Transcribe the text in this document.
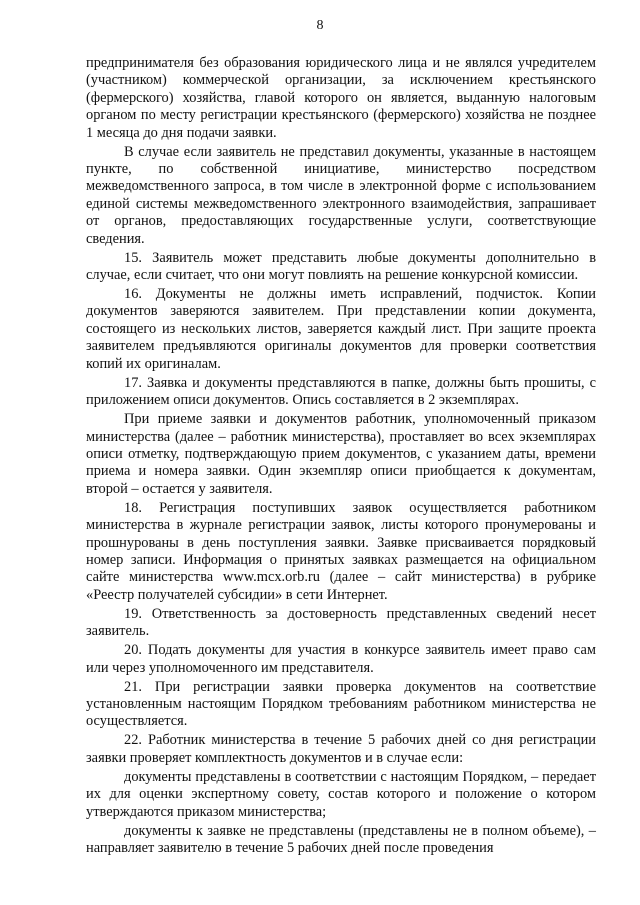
8

предпринимателя без образования юридического лица и не являлся учредителем (участником) коммерческой организации, за исключением крестьянского (фермерского) хозяйства, главой которого он является, выданную налоговым органом по месту регистрации крестьянского (фермерского) хозяйства не позднее 1 месяца до дня подачи заявки.

В случае если заявитель не представил документы, указанные в настоящем пункте, по собственной инициативе, министерство посредством межведомственного запроса, в том числе в электронной форме с использованием единой системы межведомственного электронного взаимодействия, запрашивает от органов, предоставляющих государственные услуги, соответствующие сведения.

15. Заявитель может представить любые документы дополнительно в случае, если считает, что они могут повлиять на решение конкурсной комиссии.

16. Документы не должны иметь исправлений, подчисток. Копии документов заверяются заявителем. При представлении копии документа, состоящего из нескольких листов, заверяется каждый лист. При защите проекта заявителем предъявляются оригиналы документов для проверки соответствия копий их оригиналам.

17. Заявка и документы представляются в папке, должны быть прошиты, с приложением описи документов. Опись составляется в 2 экземплярах.

При приеме заявки и документов работник, уполномоченный приказом министерства (далее – работник министерства), проставляет во всех экземплярах описи отметку, подтверждающую прием документов, с указанием даты, времени приема и номера заявки. Один экземпляр описи приобщается к документам, второй – остается у заявителя.

18. Регистрация поступивших заявок осуществляется работником министерства в журнале регистрации заявок, листы которого пронумерованы и прошнурованы в день поступления заявки. Заявке присваивается порядковый номер записи. Информация о принятых заявках размещается на официальном сайте министерства www.mcx.orb.ru (далее – сайт министерства) в рубрике «Реестр получателей субсидии» в сети Интернет.

19. Ответственность за достоверность представленных сведений несет заявитель.

20. Подать документы для участия в конкурсе заявитель имеет право сам или через уполномоченного им представителя.

21. При регистрации заявки проверка документов на соответствие установленным настоящим Порядком требованиям работником министерства не осуществляется.

22. Работник министерства в течение 5 рабочих дней со дня регистрации заявки проверяет комплектность документов и в случае если:

документы представлены в соответствии с настоящим Порядком, – передает их для оценки экспертному совету, состав которого и положение о котором утверждаются приказом министерства;

документы к заявке не представлены (представлены не в полном объеме), – направляет заявителю в течение 5 рабочих дней после проведения
